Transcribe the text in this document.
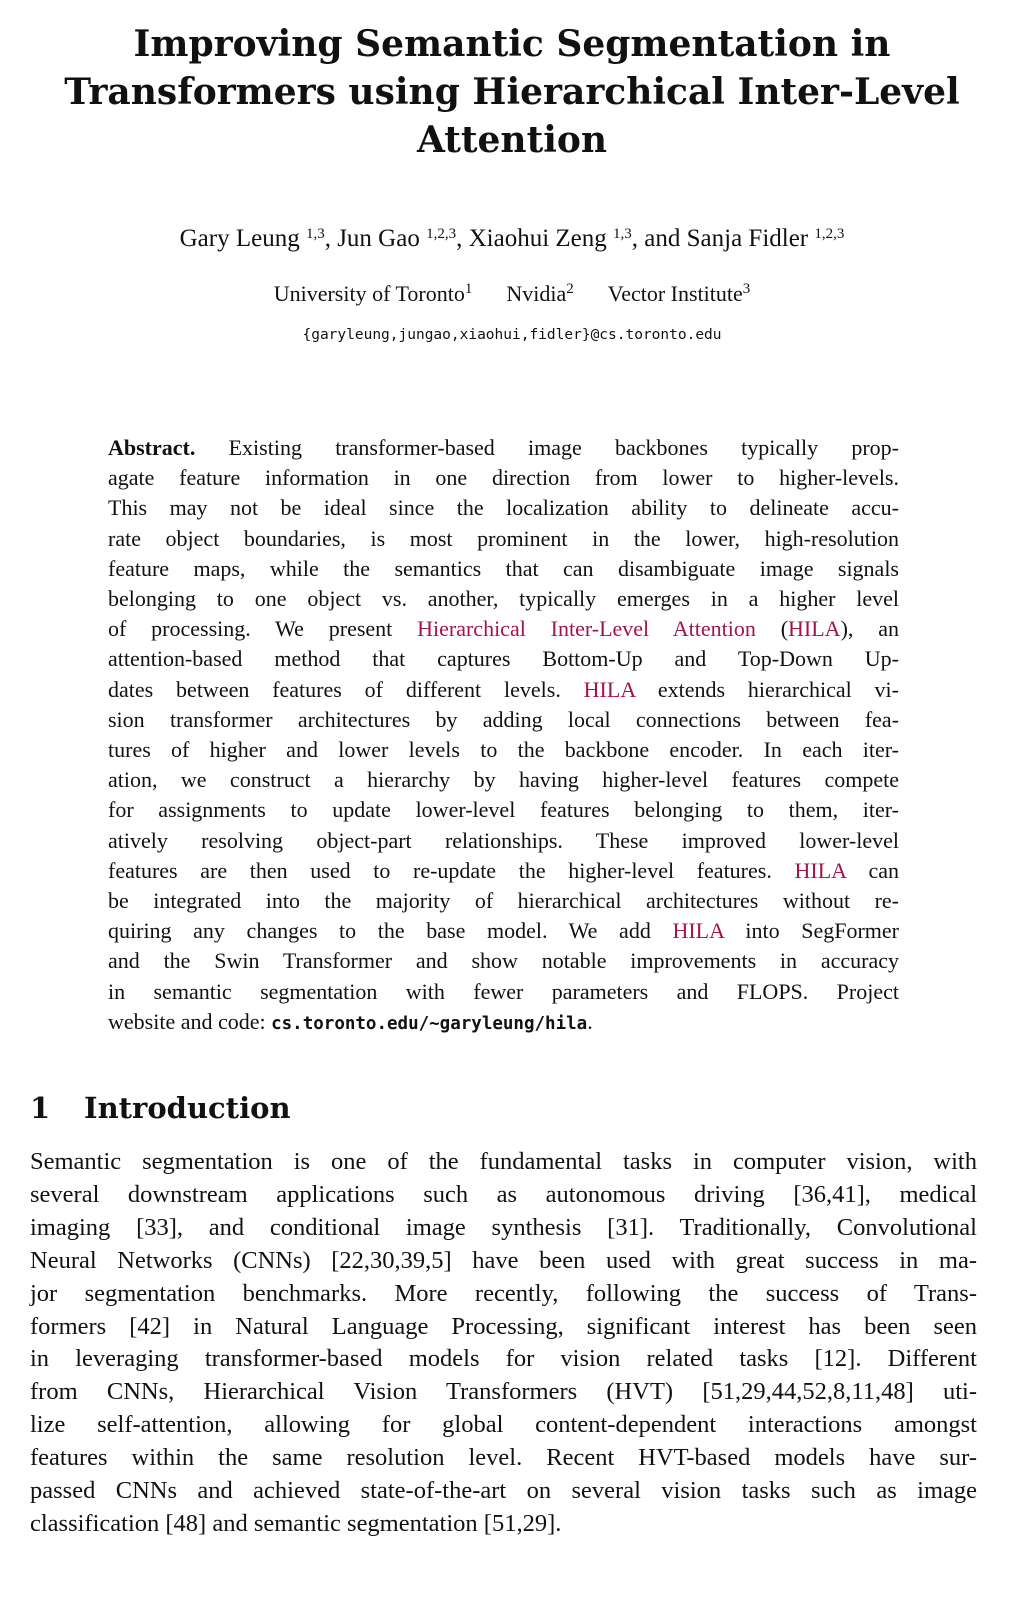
Improving Semantic Segmentation in Transformers using Hierarchical Inter-Level Attention
Gary Leung $^{1,3}$, Jun Gao $^{1,2,3}$, Xiaohui Zeng $^{1,3}$, and Sanja Fidler $^{1,2,3}$
University of Toronto$^1$ Nvidia$^2$ Vector Institute$^3$
{garyleung,jungao,xiaohui,fidler}@cs.toronto.edu
Abstract. Existing transformer-based image backbones typically prop-
agate feature information in one direction from lower to higher-levels.
This may not be ideal since the localization ability to delineate accu-
rate object boundaries, is most prominent in the lower, high-resolution
feature maps, while the semantics that can disambiguate image signals
belonging to one object vs. another, typically emerges in a higher level
of processing. We present Hierarchical Inter-Level Attention (HILA), an
attention-based method that captures Bottom-Up and Top-Down Up-
dates between features of different levels. HILA extends hierarchical vi-
sion transformer architectures by adding local connections between fea-
tures of higher and lower levels to the backbone encoder. In each iter-
ation, we construct a hierarchy by having higher-level features compete
for assignments to update lower-level features belonging to them, iter-
atively resolving object-part relationships. These improved lower-level
features are then used to re-update the higher-level features. HILA can
be integrated into the majority of hierarchical architectures without re-
quiring any changes to the base model. We add HILA into SegFormer
and the Swin Transformer and show notable improvements in accuracy
in semantic segmentation with fewer parameters and FLOPS. Project
website and code: cs.toronto.edu/~garyleung/hila.
1 Introduction
Semantic segmentation is one of the fundamental tasks in computer vision, with
several downstream applications such as autonomous driving [36,41], medical
imaging [33], and conditional image synthesis [31]. Traditionally, Convolutional
Neural Networks (CNNs) [22,30,39,5] have been used with great success in ma-
jor segmentation benchmarks. More recently, following the success of Trans-
formers [42] in Natural Language Processing, significant interest has been seen
in leveraging transformer-based models for vision related tasks [12]. Different
from CNNs, Hierarchical Vision Transformers (HVT) [51,29,44,52,8,11,48] uti-
lize self-attention, allowing for global content-dependent interactions amongst
features within the same resolution level. Recent HVT-based models have sur-
passed CNNs and achieved state-of-the-art on several vision tasks such as image
classification [48] and semantic segmentation [51,29].
